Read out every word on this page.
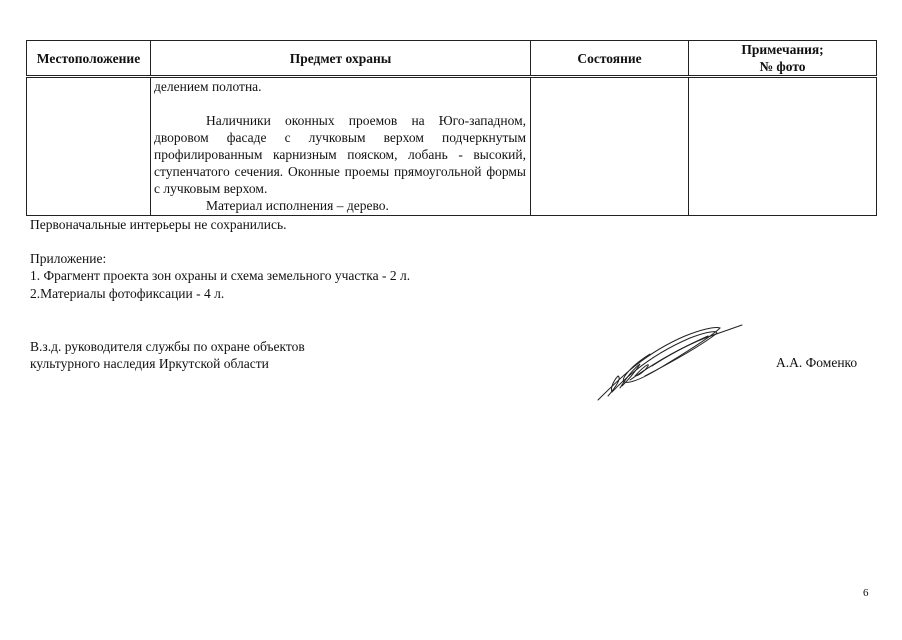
Местоположение	Предмет охраны	Состояние	Примечания;
№ фото

	делением полотна.

Наличники оконных проемов на Юго-западном, дворовом фасаде с лучковым верхом подчеркнутым профилированным карнизным пояском, лобань - высокий, ступенчатого сечения. Оконные проемы прямоугольной формы с лучковым верхом.

Материал исполнения – дерево.		

Первоначальные интерьеры не сохранились.

Приложение:

1. Фрагмент проекта зон охраны и схема земельного участка - 2 л.

2.Материалы фотофиксации - 4 л.

В.з.д. руководителя службы по охране объектов

культурного наследия Иркутской области	А.А. Фоменко

6
